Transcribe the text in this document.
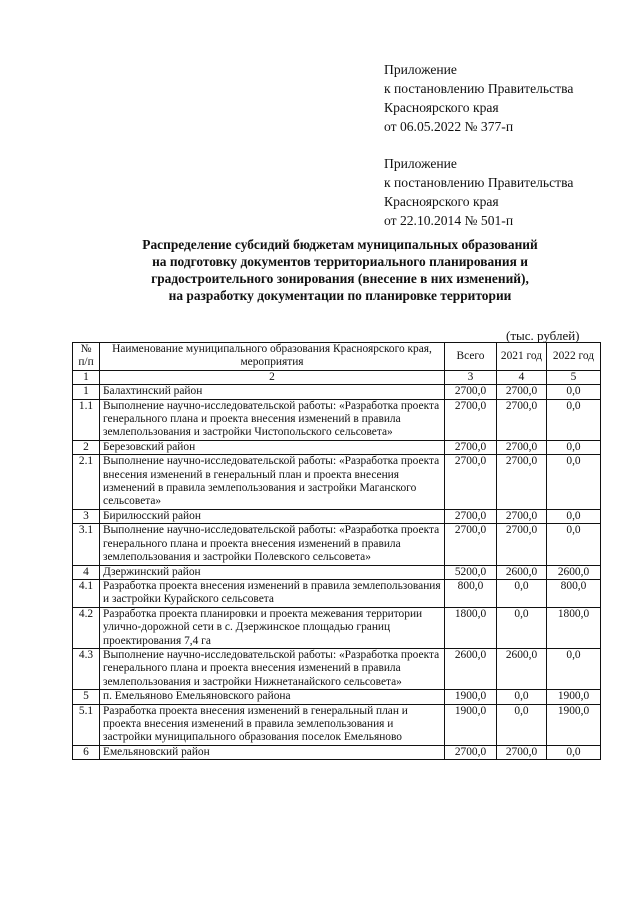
Приложение
к постановлению Правительства
Красноярского края
от 06.05.2022 № 377-п
Приложение
к постановлению Правительства
Красноярского края
от 22.10.2014 № 501-п
Распределение субсидий бюджетам муниципальных образований
на подготовку документов территориального планирования и
градостроительного зонирования (внесение в них изменений),
на разработку документации по планировке территории
(тыс. рублей)
№ п/п	Наименование муниципального образования Красноярского края, мероприятия	Всего	2021 год	2022 год
1	2	3	4	5
1	Балахтинский район	2700,0	2700,0	0,0
1.1	Выполнение научно-исследовательской работы: «Разработка проекта генерального плана и проекта внесения изменений в правила землепользования и застройки Чистопольского сельсовета»	2700,0	2700,0	0,0
2	Березовский район	2700,0	2700,0	0,0
2.1	Выполнение научно-исследовательской работы: «Разработка проекта внесения изменений в генеральный план и проекта внесения изменений в правила землепользования и застройки Маганского сельсовета»	2700,0	2700,0	0,0
3	Бирилюсский район	2700,0	2700,0	0,0
3.1	Выполнение научно-исследовательской работы: «Разработка проекта генерального плана и проекта внесения изменений в правила землепользования и застройки Полевского сельсовета»	2700,0	2700,0	0,0
4	Дзержинский район	5200,0	2600,0	2600,0
4.1	Разработка проекта внесения изменений в правила землепользования и застройки Курайского сельсовета	800,0	0,0	800,0
4.2	Разработка проекта планировки и проекта межевания территории улично-дорожной сети в с. Дзержинское площадью границ проектирования 7,4 га	1800,0	0,0	1800,0
4.3	Выполнение научно-исследовательской работы: «Разработка проекта генерального плана и проекта внесения изменений в правила землепользования и застройки Нижнетанайского сельсовета»	2600,0	2600,0	0,0
5	п. Емельяново Емельяновского района	1900,0	0,0	1900,0
5.1	Разработка проекта внесения изменений в генеральный план и проекта внесения изменений в правила землепользования и застройки муниципального образования поселок Емельяново	1900,0	0,0	1900,0
6	Емельяновский район	2700,0	2700,0	0,0
